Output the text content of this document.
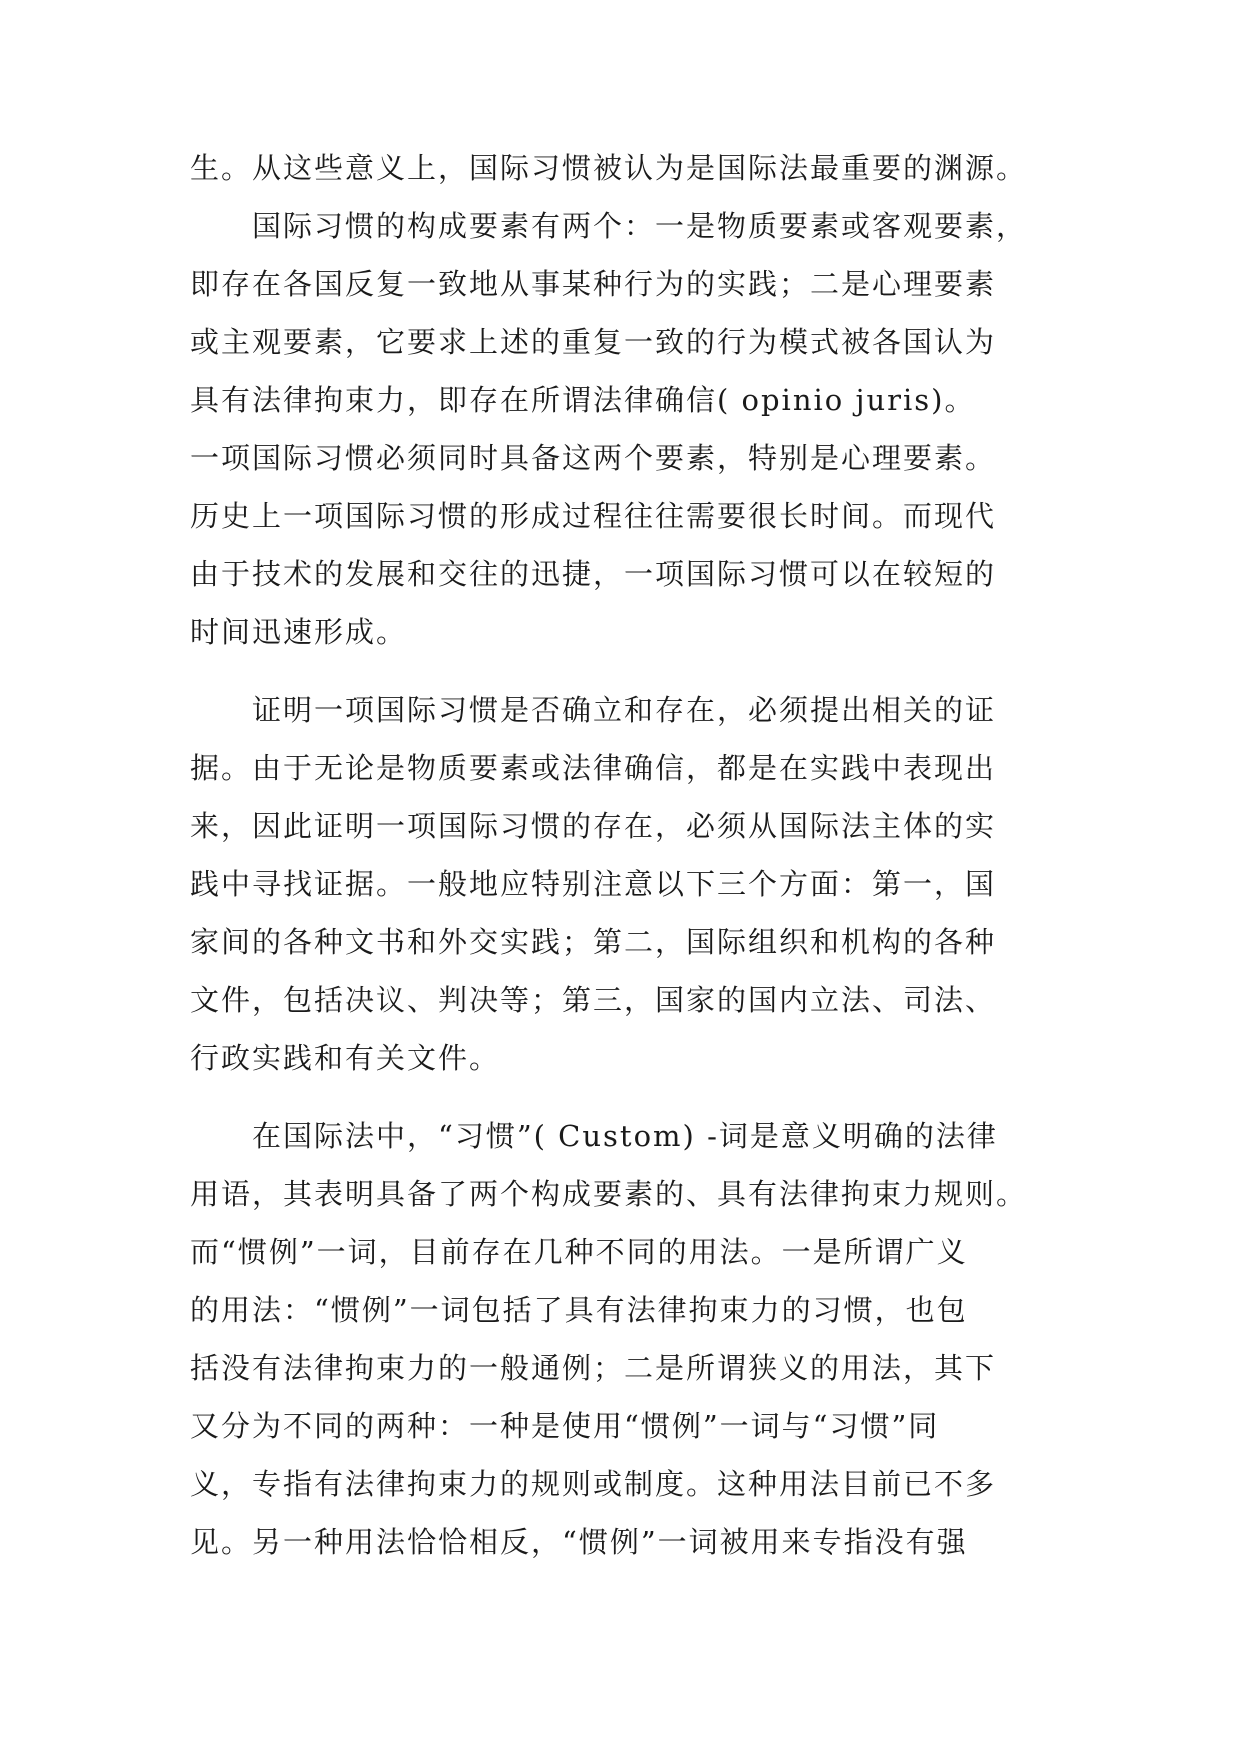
生。从这些意义上，国际习惯被认为是国际法最重要的渊源。
　　国际习惯的构成要素有两个：一是物质要素或客观要素，
即存在各国反复一致地从事某种行为的实践；二是心理要素
或主观要素，它要求上述的重复一致的行为模式被各国认为
具有法律拘束力，即存在所谓法律确信( opinio juris)。
一项国际习惯必须同时具备这两个要素，特别是心理要素。
历史上一项国际习惯的形成过程往往需要很长时间。而现代
由于技术的发展和交往的迅捷，一项国际习惯可以在较短的
时间迅速形成。
　　证明一项国际习惯是否确立和存在，必须提出相关的证
据。由于无论是物质要素或法律确信，都是在实践中表现出
来，因此证明一项国际习惯的存在，必须从国际法主体的实
践中寻找证据。一般地应特别注意以下三个方面：第一，国
家间的各种文书和外交实践；第二，国际组织和机构的各种
文件，包括决议、判决等；第三，国家的国内立法、司法、
行政实践和有关文件。
　　在国际法中，“习惯”( Custom) -词是意义明确的法律
用语，其表明具备了两个构成要素的、具有法律拘束力规则。
而“惯例”一词，目前存在几种不同的用法。一是所谓广义
的用法：“惯例”一词包括了具有法律拘束力的习惯，也包
括没有法律拘束力的一般通例；二是所谓狭义的用法，其下
又分为不同的两种：一种是使用“惯例”一词与“习惯”同
义，专指有法律拘束力的规则或制度。这种用法目前已不多
见。另一种用法恰恰相反，“惯例”一词被用来专指没有强
